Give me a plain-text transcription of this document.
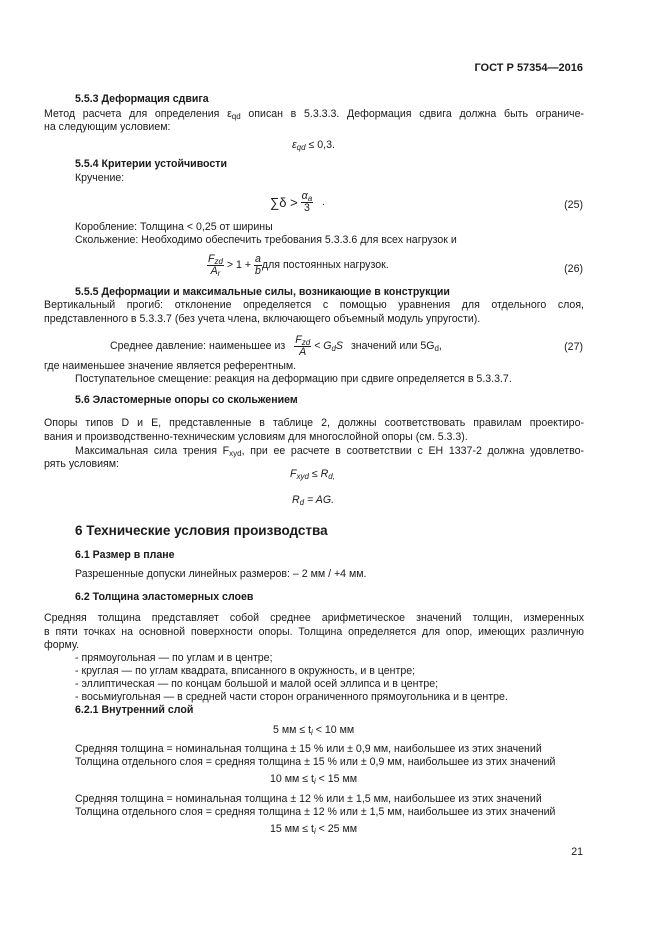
ГОСТ Р 57354—2016
5.5.3 Деформация сдвига
Метод расчета для определения $\varepsilon_{qd}$ описан в 5.3.3.3. Деформация сдвига должна быть ограниче-
на следующим условием:
$\varepsilon_{qd} \le 0,3$.
5.5.4 Критерии устойчивости
Кручение:
$\sum\delta > \frac{\alpha_a}{3}$ .	(25)
Коробление: Толщина < 0,25 от ширины
Скольжение: Необходимо обеспечить требования 5.3.3.6 для всех нагрузок и
$\frac{F_{zd}}{A_r} > 1 + \frac{a}{b}$ для постоянных нагрузок.	(26)
5.5.5 Деформации и максимальные силы, возникающие в конструкции
Вертикальный прогиб: отклонение определяется с помощью уравнения для отдельного слоя,
представленного в 5.3.3.7 (без учета члена, включающего объемный модуль упругости).
Среднее давление: наименьшее из $\frac{F_{zd}}{A} < G_dS$ значений или $5G_d$,	(27)
где наименьшее значение является референтным.
Поступательное смещение: реакция на деформацию при сдвиге определяется в 5.3.3.7.
5.6 Эластомерные опоры со скольжением
Опоры типов D и E, представленные в таблице 2, должны соответствовать правилам проектиро-
вания и производственно-техническим условиям для многослойной опоры (см. 5.3.3).
Максимальная сила трения $F_{xyd}$, при ее расчете в соответствии с ЕН 1337-2 должна удовлетво-
рять условиям:
$F_{xyd} \le R_{d,}$
$R_d$ = AG.
6 Технические условия производства
6.1 Размер в плане
Разрешенные допуски линейных размеров: – 2 мм / +4 мм.
6.2 Толщина эластомерных слоев
Средняя толщина представляет собой среднее арифметическое значений толщин, измеренных
в пяти точках на основной поверхности опоры. Толщина определяется для опор, имеющих различную
форму.
- прямоугольная — по углам и в центре;
- круглая — по углам квадрата, вписанного в окружность, и в центре;
- эллиптическая — по концам большой и малой осей эллипса и в центре;
- восьмиугольная — в средней части сторон ограниченного прямоугольника и в центре.
6.2.1 Внутренний слой
5 мм ≤ $t_i < 10$ мм
Средняя толщина = номинальная толщина ± 15 % или ± 0,9 мм, наибольшее из этих значений
Толщина отдельного слоя = средняя толщина ± 15 % или ± 0,9 мм, наибольшее из этих значений
10 мм ≤ $t_i < 15$ мм
Средняя толщина = номинальная толщина ± 12 % или ± 1,5 мм, наибольшее из этих значений
Толщина отдельного слоя = средняя толщина ± 12 % или ± 1,5 мм, наибольшее из этих значений
15 мм ≤ $t_i < 25$ мм
21
